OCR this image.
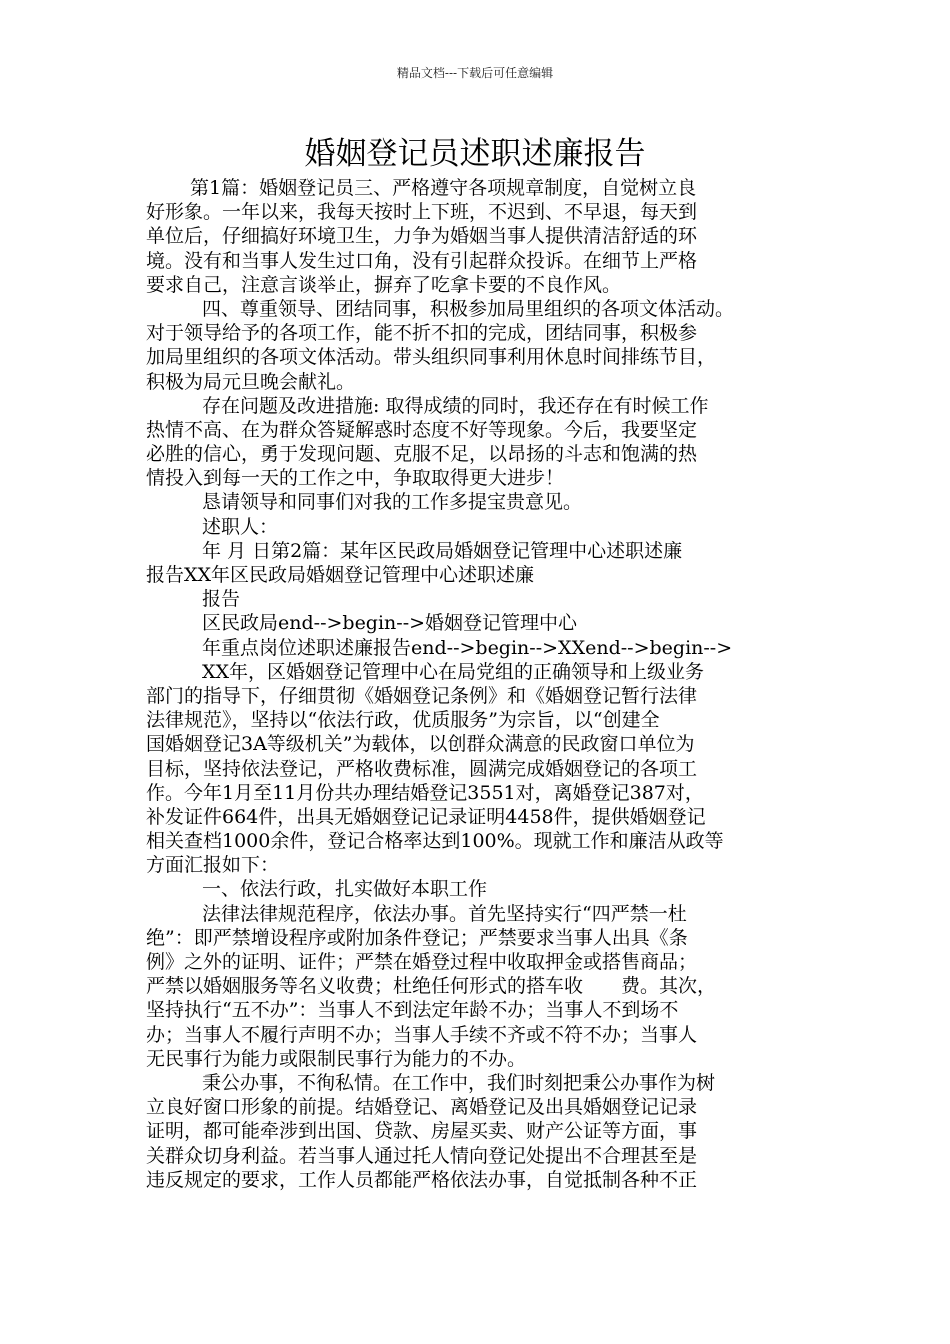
精品文档---下载后可任意编辑
婚姻登记员述职述廉报告
第1篇：婚姻登记员三、严格遵守各项规章制度，自觉树立良
好形象。一年以来，我每天按时上下班，不迟到、不早退，每天到
单位后，仔细搞好环境卫生，力争为婚姻当事人提供清洁舒适的环
境。没有和当事人发生过口角，没有引起群众投诉。在细节上严格
要求自己，注意言谈举止，摒弃了吃拿卡要的不良作风。
四、尊重领导、团结同事，积极参加局里组织的各项文体活动。
对于领导给予的各项工作，能不折不扣的完成，团结同事，积极参
加局里组织的各项文体活动。带头组织同事利用休息时间排练节目，
积极为局元旦晚会献礼。
存在问题及改进措施: 取得成绩的同时，我还存在有时候工作
热情不高、在为群众答疑解惑时态度不好等现象。今后，我要坚定
必胜的信心，勇于发现问题、克服不足，以昂扬的斗志和饱满的热
情投入到每一天的工作之中，争取取得更大进步！
恳请领导和同事们对我的工作多提宝贵意见。
述职人：
年 月 日第2篇：某年区民政局婚姻登记管理中心述职述廉
报告XX年区民政局婚姻登记管理中心述职述廉
报告
区民政局end-->begin-->婚姻登记管理中心
年重点岗位述职述廉报告end-->begin-->XXend-->begin-->
XX年，区婚姻登记管理中心在局党组的正确领导和上级业务
部门的指导下，仔细贯彻《婚姻登记条例》和《婚姻登记暂行法律
法律规范》，坚持以“依法行政，优质服务”为宗旨，以“创建全
国婚姻登记3A等级机关”为载体，以创群众满意的民政窗口单位为
目标，坚持依法登记，严格收费标准，圆满完成婚姻登记的各项工
作。今年1月至11月份共办理结婚登记3551对，离婚登记387对，
补发证件664件，出具无婚姻登记记录证明4458件，提供婚姻登记
相关查档1000余件，登记合格率达到100%。现就工作和廉洁从政等
方面汇报如下：
一、依法行政，扎实做好本职工作
法律法律规范程序，依法办事。首先坚持实行“四严禁一杜
绝”：即严禁增设程序或附加条件登记；严禁要求当事人出具《条
例》之外的证明、证件；严禁在婚登过程中收取押金或搭售商品；
严禁以婚姻服务等名义收费；杜绝任何形式的搭车收　　费。其次，
坚持执行“五不办”：当事人不到法定年龄不办；当事人不到场不
办；当事人不履行声明不办；当事人手续不齐或不符不办；当事人
无民事行为能力或限制民事行为能力的不办。
秉公办事，不徇私情。在工作中，我们时刻把秉公办事作为树
立良好窗口形象的前提。结婚登记、离婚登记及出具婚姻登记记录
证明，都可能牵涉到出国、贷款、房屋买卖、财产公证等方面，事
关群众切身利益。若当事人通过托人情向登记处提出不合理甚至是
违反规定的要求，工作人员都能严格依法办事，自觉抵制各种不正
